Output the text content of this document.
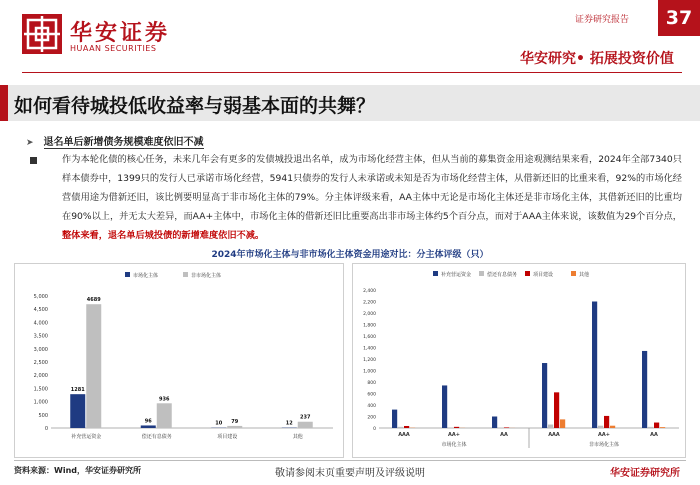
华安证券
HUAAN SECURITIES
证券研究报告	37
华安研究• 拓展投资价值
如何看待城投低收益率与弱基本面的共舞？
➤ 退名单后新增债务规模难度依旧不减
作为本轮化债的核心任务，未来几年会有更多的发债城投退出名单，成为市场化经营主体，但从当前的募集资金用途观测结果来看，2024年全部7340只样本债券中，1399只的发行人已承诺市场化经营，5941只债券的发行人未承诺或未知是否为市场化经营主体，从借新还旧的比重来看，92%的市场化经营债用途为借新还旧，该比例要明显高于非市场化主体的79%。分主体评级来看，AA主体中无论是市场化主体还是非市场化主体，其借新还旧的比重均在90%以上，并无太大差异，而AA+主体中，市场化主体的借新还旧比重要高出非市场主体约5个百分点，而对于AAA主体来说，该数值为29个百分点，整体来看，退名单后城投债的新增难度依旧不减。
2024年市场化主体与非市场化主体资金用途对比：分主体评级（只）
市场化主体	非市场化主体
0
500
1,000
1,500
2,000
2,500
3,000
3,500
4,000
4,500
5,000
1281
4689
补充营运资金
96
936
偿还有息债务
10 79
项目建设
12
237
其他
补充营运资金	偿还有息债务	项目建设	其他
0
200
400
600
800
1,000
1,200
1,400
1,600
1,800
2,000
2,200
2,400
AAA	AA+	AA	AAA	AA+	AA
市场化主体	非市场化主体
资料来源：Wind，华安证券研究所	敬请参阅末页重要声明及评级说明	华安证券研究所
